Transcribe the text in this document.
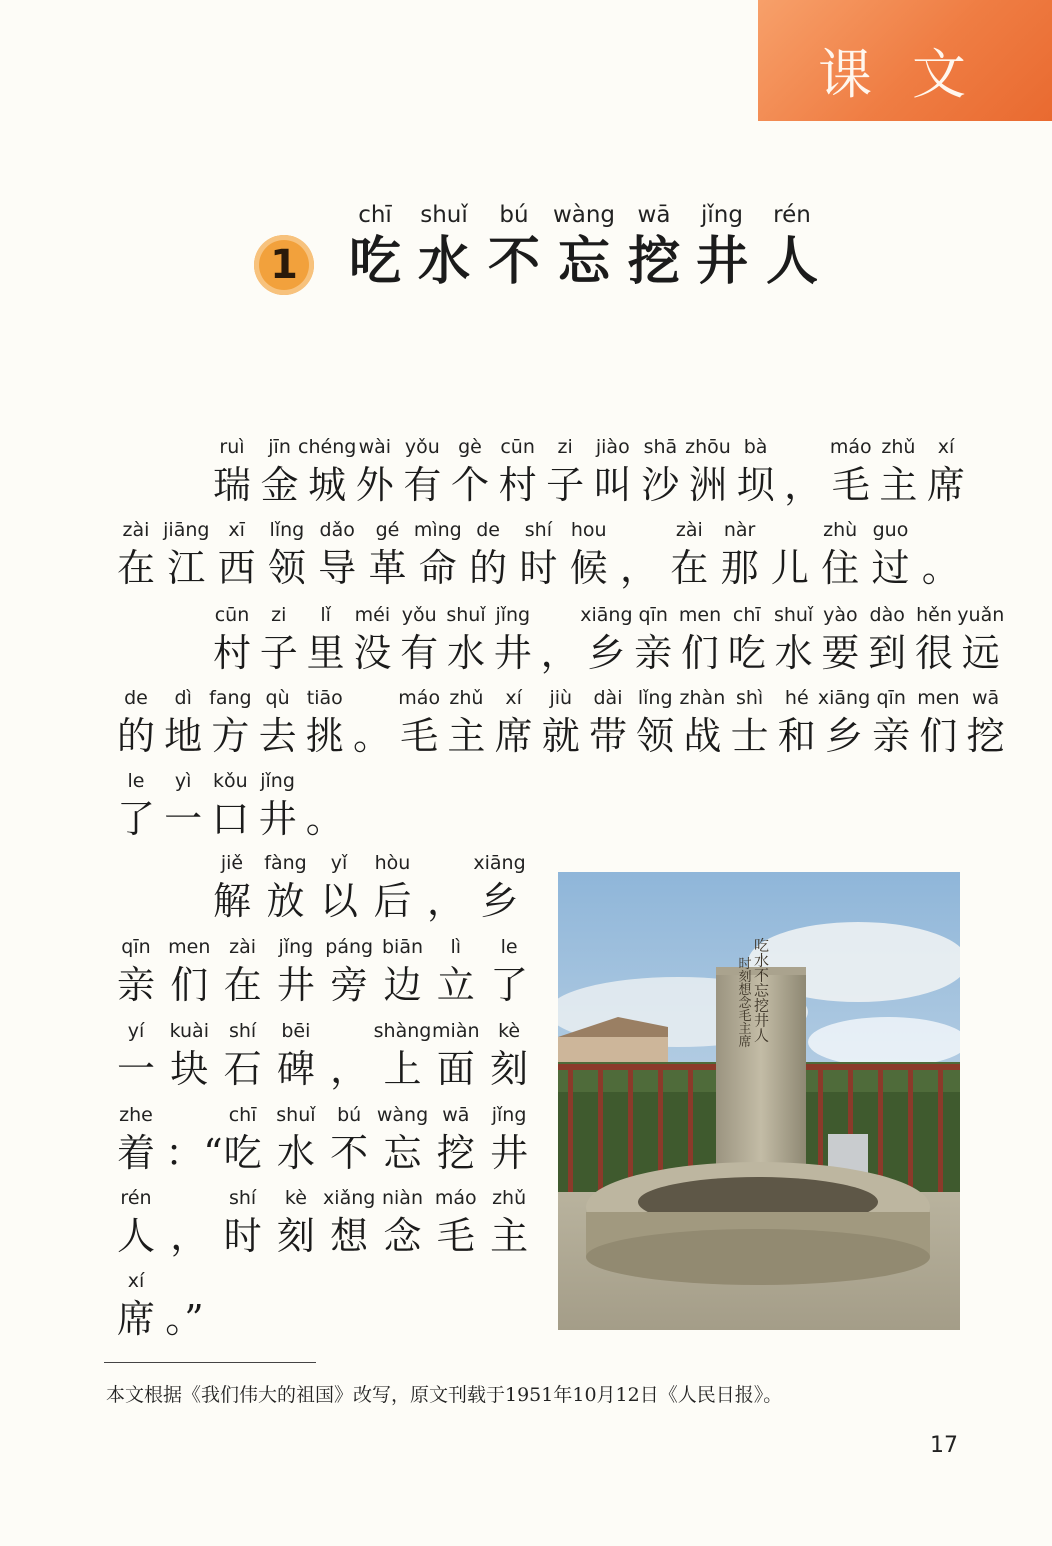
课文
1
chī
吃
shuǐ
水
bú
不
wàng
忘
wā
挖
jǐng
井
rén
人
瑞
ruì
金
jīn
城
chéng
外
wài
有
yǒu
个
gè
村
cūn
子
zi
叫
jiào
沙
shā
洲
zhōu
坝
bà
， 毛
máo
主
zhǔ
席
xí
在
zài
江
jiāng
西
xī
领
lǐng
导
dǎo
革
gé
命
mìng
的
de
时
shí
候
hou
， 在
zài
那
nàr
儿 住
zhù
过
guo
。
村
cūn
子
zi
里
lǐ
没
méi
有
yǒu
水
shuǐ
井
jǐng
， 乡
xiāng
亲
qīn
们
men
吃
chī
水
shuǐ
要
yào
到
dào
很
hěn
远
yuǎn
的
de
地
dì
方
fang
去
qù
挑
tiāo
。 毛
máo
主
zhǔ
席
xí
就
jiù
带
dài
领
lǐng
战
zhàn
士
shì
和
hé
乡
xiāng
亲
qīn
们
men
挖
wā
了
le
一
yì
口
kǒu
井
jǐng
。
解
jiě
放
fàng
以
yǐ
后
hòu
， 乡
xiāng
亲
qīn
们
men
在
zài
井
jǐng
旁
páng
边
biān
立
lì
了
le
一
yí
块
kuài
石
shí
碑
bēi
， 上
shàng
面
miàn
刻
kè
着
zhe
：“ 吃
chī
水
shuǐ
不
bú
忘
wàng
挖
wā
井
jǐng
人
rén
， 时
shí
刻
kè
想
xiǎng
念
niàn
毛
máo
主
zhǔ
席
xí
。”
吃水不忘挖井人
时刻想念毛主席
本文根据《我们伟大的祖国》改写，原文刊载于1951年10月12日《人民日报》。
17
